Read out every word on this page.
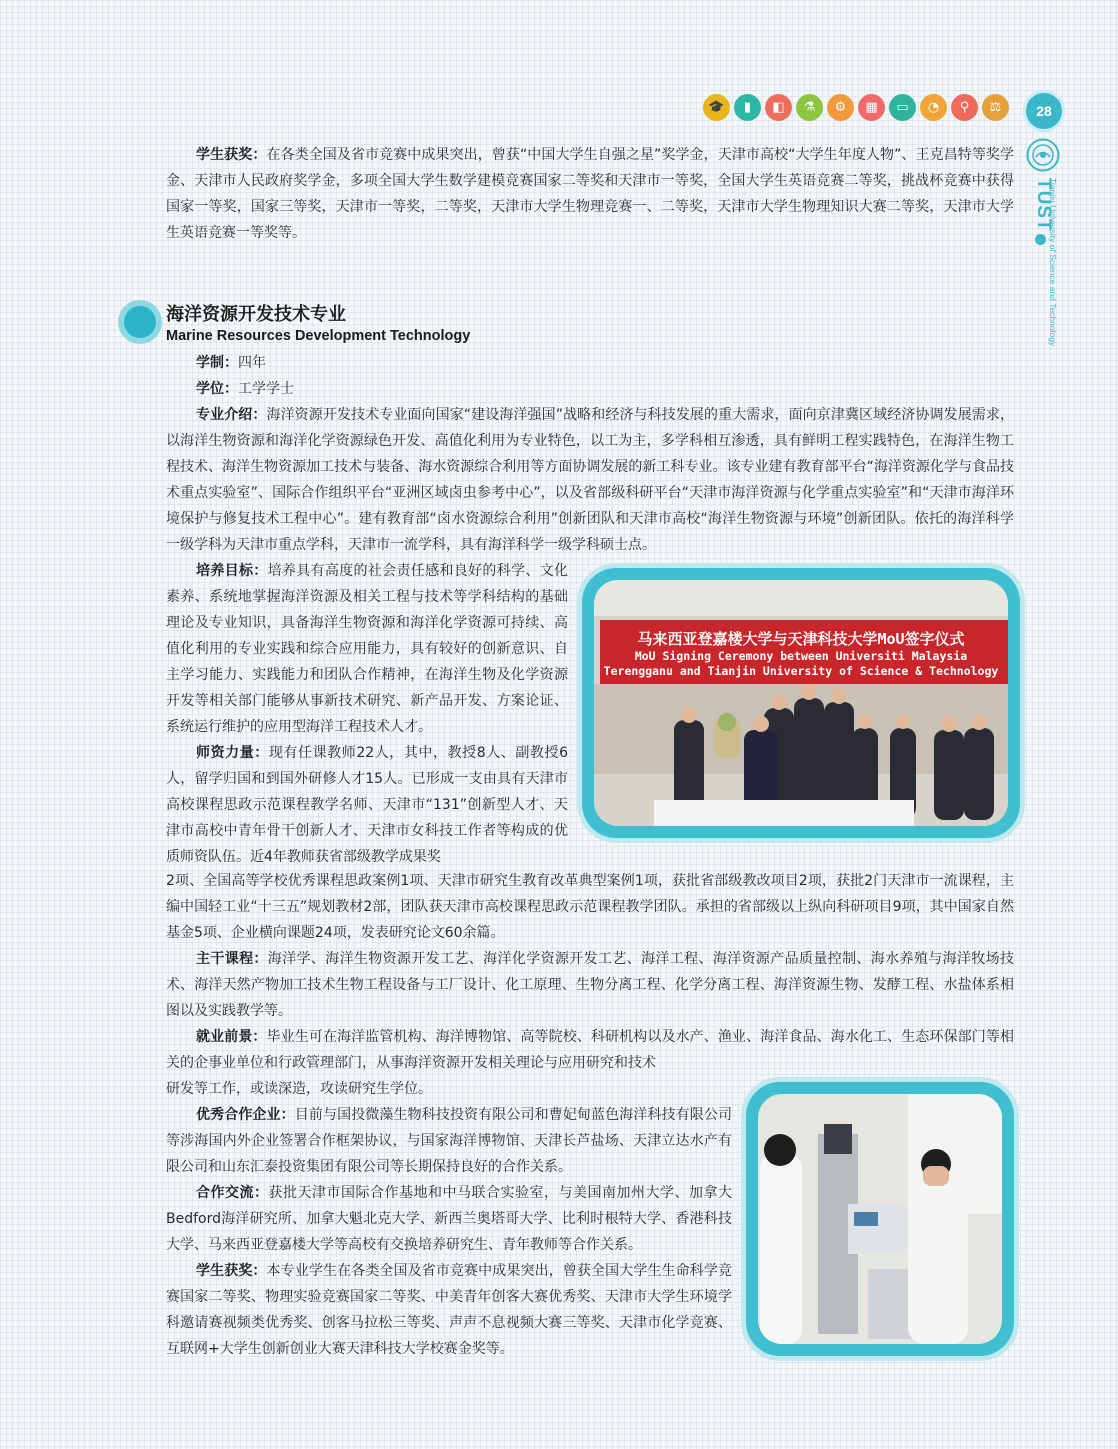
🎓	▮	◧	⚗	⚙	▦	▭	◔	⚲	⚖	28
TUST
Tianjin University of Science and Technology

学生获奖：在各类全国及省市竞赛中成果突出，曾获“中国大学生自强之星”奖学金，天津市高校“大学生年度人物”、王克昌特等奖学金、天津市人民政府奖学金，多项全国大学生数学建模竞赛国家二等奖和天津市一等奖，全国大学生英语竞赛二等奖，挑战杯竞赛中获得国家一等奖，国家三等奖，天津市一等奖，二等奖，天津市大学生物理竞赛一、二等奖，天津市大学生物理知识大赛二等奖，天津市大学生英语竞赛一等奖等。

海洋资源开发技术专业
Marine Resources Development Technology

学制：四年

学位：工学学士

专业介绍：海洋资源开发技术专业面向国家“建设海洋强国”战略和经济与科技发展的重大需求，面向京津冀区域经济协调发展需求，以海洋生物资源和海洋化学资源绿色开发、高值化利用为专业特色，以工为主，多学科相互渗透，具有鲜明工程实践特色，在海洋生物工程技术、海洋生物资源加工技术与装备、海水资源综合利用等方面协调发展的新工科专业。该专业建有教育部平台“海洋资源化学与食品技术重点实验室”、国际合作组织平台“亚洲区域卤虫参考中心”，以及省部级科研平台“天津市海洋资源与化学重点实验室”和“天津市海洋环境保护与修复技术工程中心”。建有教育部“卤水资源综合利用”创新团队和天津市高校“海洋生物资源与环境”创新团队。依托的海洋科学一级学科为天津市重点学科，天津市一流学科，具有海洋科学一级学科硕士点。

培养目标：培养具有高度的社会责任感和良好的科学、文化素养、系统地掌握海洋资源及相关工程与技术等学科结构的基础理论及专业知识，具备海洋生物资源和海洋化学资源可持续、高值化利用的专业实践和综合应用能力，具有较好的创新意识、自主学习能力、实践能力和团队合作精神，在海洋生物及化学资源开发等相关部门能够从事新技术研究、新产品开发、方案论证、系统运行维护的应用型海洋工程技术人才。

师资力量：现有任课教师22人，其中，教授8人、副教授6人，留学归国和到国外研修人才15人。已形成一支由具有天津市高校课程思政示范课程教学名师、天津市“131”创新型人才、天津市高校中青年骨干创新人才、天津市女科技工作者等构成的优质师资队伍。近4年教师获省部级教学成果奖

2项、全国高等学校优秀课程思政案例1项、天津市研究生教育改革典型案例1项，获批省部级教改项目2项，获批2门天津市一流课程，主编中国轻工业“十三五”规划教材2部，团队获天津市高校课程思政示范课程教学团队。承担的省部级以上纵向科研项目9项，其中国家自然基金5项、企业横向课题24项，发表研究论文60余篇。

主干课程：海洋学、海洋生物资源开发工艺、海洋化学资源开发工艺、海洋工程、海洋资源产品质量控制、海水养殖与海洋牧场技术、海洋天然产物加工技术生物工程设备与工厂设计、化工原理、生物分离工程、化学分离工程、海洋资源生物、发酵工程、水盐体系相图以及实践教学等。

就业前景：毕业生可在海洋监管机构、海洋博物馆、高等院校、科研机构以及水产、渔业、海洋食品、海水化工、生态环保部门等相关的企事业单位和行政管理部门，从事海洋资源开发相关理论与应用研究和技术

研发等工作，或读深造，攻读研究生学位。

优秀合作企业：目前与国投微藻生物科技投资有限公司和曹妃甸蓝色海洋科技有限公司等涉海国内外企业签署合作框架协议，与国家海洋博物馆、天津长芦盐场、天津立达水产有限公司和山东汇泰投资集团有限公司等长期保持良好的合作关系。

合作交流：获批天津市国际合作基地和中马联合实验室，与美国南加州大学、加拿大Bedford海洋研究所、加拿大魁北克大学、新西兰奥塔哥大学、比利时根特大学、香港科技大学、马来西亚登嘉楼大学等高校有交换培养研究生、青年教师等合作关系。

学生获奖：本专业学生在各类全国及省市竞赛中成果突出，曾获全国大学生生命科学竞赛国家二等奖、物理实验竞赛国家二等奖、中美青年创客大赛优秀奖、天津市大学生环境学科邀请赛视频类优秀奖、创客马拉松三等奖、声声不息视频大赛三等奖、天津市化学竞赛、互联网+大学生创新创业大赛天津科技大学校赛金奖等。

马来西亚登嘉楼大学与天津科技大学MoU签字仪式
MoU Signing Ceremony between Universiti Malaysia
Terengganu and Tianjin University of Science & Technology
